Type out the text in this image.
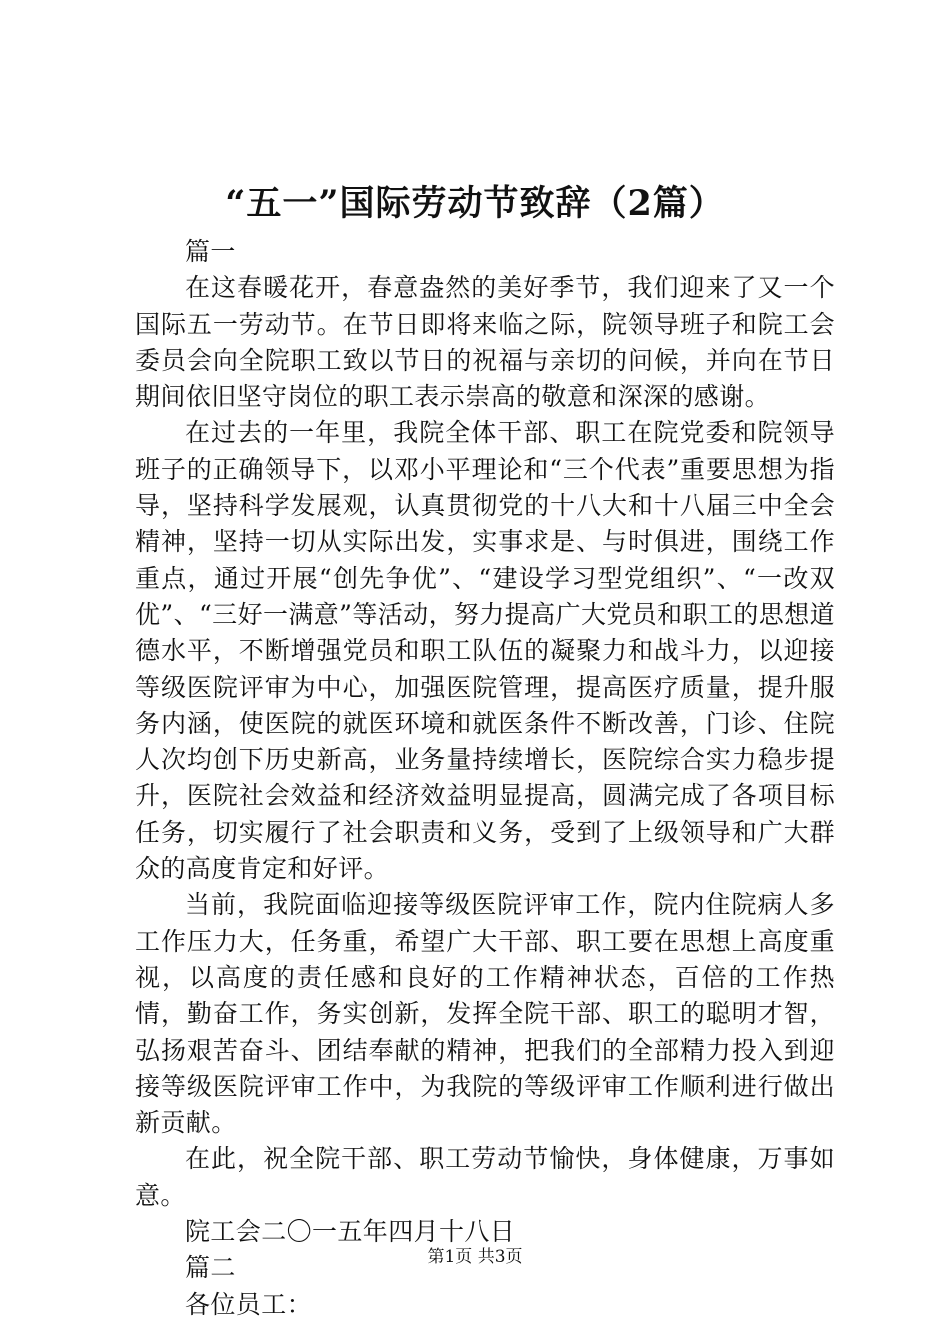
“五一”国际劳动节致辞（2篇）

篇一

在这春暖花开，春意盎然的美好季节，我们迎来了又一个国际五一劳动节。在节日即将来临之际，院领导班子和院工会委员会向全院职工致以节日的祝福与亲切的问候，并向在节日期间依旧坚守岗位的职工表示崇高的敬意和深深的感谢。

在过去的一年里，我院全体干部、职工在院党委和院领导班子的正确领导下，以邓小平理论和“三个代表”重要思想为指导，坚持科学发展观，认真贯彻党的十八大和十八届三中全会精神，坚持一切从实际出发，实事求是、与时俱进，围绕工作重点，通过开展“创先争优”、“建设学习型党组织”、“一改双优”、“三好一满意”等活动，努力提高广大党员和职工的思想道德水平，不断增强党员和职工队伍的凝聚力和战斗力，以迎接等级医院评审为中心，加强医院管理，提高医疗质量，提升服务内涵，使医院的就医环境和就医条件不断改善，门诊、住院人次均创下历史新高，业务量持续增长，医院综合实力稳步提升，医院社会效益和经济效益明显提高，圆满完成了各项目标任务，切实履行了社会职责和义务，受到了上级领导和广大群众的高度肯定和好评。

当前，我院面临迎接等级医院评审工作，院内住院病人多工作压力大，任务重，希望广大干部、职工要在思想上高度重视，以高度的责任感和良好的工作精神状态，百倍的工作热情，勤奋工作，务实创新，发挥全院干部、职工的聪明才智，弘扬艰苦奋斗、团结奉献的精神，把我们的全部精力投入到迎接等级医院评审工作中，为我院的等级评审工作顺利进行做出新贡献。

在此，祝全院干部、职工劳动节愉快，身体健康，万事如意。

院工会二〇一五年四月十八日

篇二

各位员工：

第1页 共3页
